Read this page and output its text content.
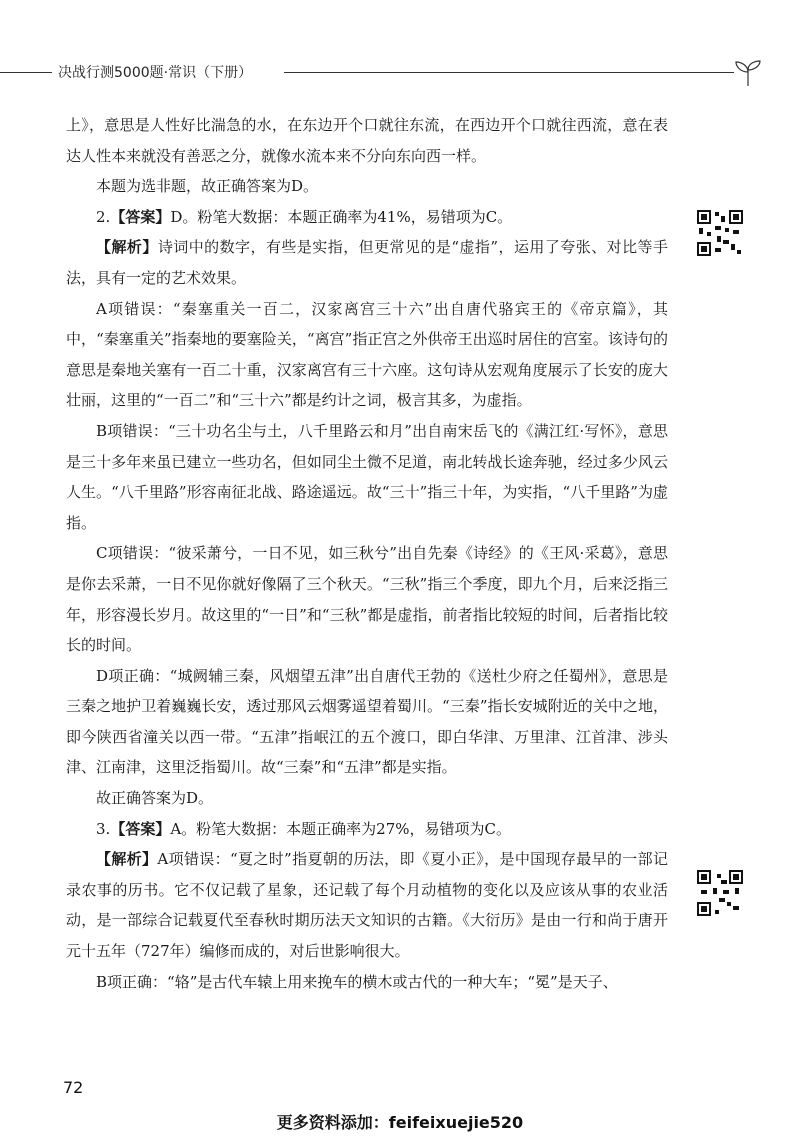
决战行测5000题·常识（下册）

上》，意思是人性好比湍急的水，在东边开个口就往东流，在西边开个口就往西流，意在表达人性本来就没有善恶之分，就像水流本来不分向东向西一样。

本题为选非题，故正确答案为D。

2.【答案】D。粉笔大数据：本题正确率为41%，易错项为C。

【解析】诗词中的数字，有些是实指，但更常见的是“虚指”，运用了夸张、对比等手法，具有一定的艺术效果。

A项错误：“秦塞重关一百二，汉家离宫三十六”出自唐代骆宾王的《帝京篇》，其中，“秦塞重关”指秦地的要塞险关，“离宫”指正宫之外供帝王出巡时居住的宫室。该诗句的意思是秦地关塞有一百二十重，汉家离宫有三十六座。这句诗从宏观角度展示了长安的庞大壮丽，这里的“一百二”和“三十六”都是约计之词，极言其多，为虚指。

B项错误：“三十功名尘与土，八千里路云和月”出自南宋岳飞的《满江红·写怀》，意思是三十多年来虽已建立一些功名，但如同尘土微不足道，南北转战长途奔驰，经过多少风云人生。“八千里路”形容南征北战、路途遥远。故“三十”指三十年，为实指，“八千里路”为虚指。

C项错误：“彼采萧兮，一日不见，如三秋兮”出自先秦《诗经》的《王风·采葛》，意思是你去采萧，一日不见你就好像隔了三个秋天。“三秋”指三个季度，即九个月，后来泛指三年，形容漫长岁月。故这里的“一日”和“三秋”都是虚指，前者指比较短的时间，后者指比较长的时间。

D项正确：“城阙辅三秦，风烟望五津”出自唐代王勃的《送杜少府之任蜀州》，意思是三秦之地护卫着巍巍长安，透过那风云烟雾遥望着蜀川。“三秦”指长安城附近的关中之地，即今陕西省潼关以西一带。“五津”指岷江的五个渡口，即白华津、万里津、江首津、涉头津、江南津，这里泛指蜀川。故“三秦”和“五津”都是实指。

故正确答案为D。

3.【答案】A。粉笔大数据：本题正确率为27%，易错项为C。

【解析】A项错误：“夏之时”指夏朝的历法，即《夏小正》，是中国现存最早的一部记录农事的历书。它不仅记载了星象，还记载了每个月动植物的变化以及应该从事的农业活动，是一部综合记载夏代至春秋时期历法天文知识的古籍。《大衍历》是由一行和尚于唐开元十五年（727年）编修而成的，对后世影响很大。

B项正确：“辂”是古代车辕上用来挽车的横木或古代的一种大车；“冕”是天子、

72
更多资料添加：feifeixuejie520
